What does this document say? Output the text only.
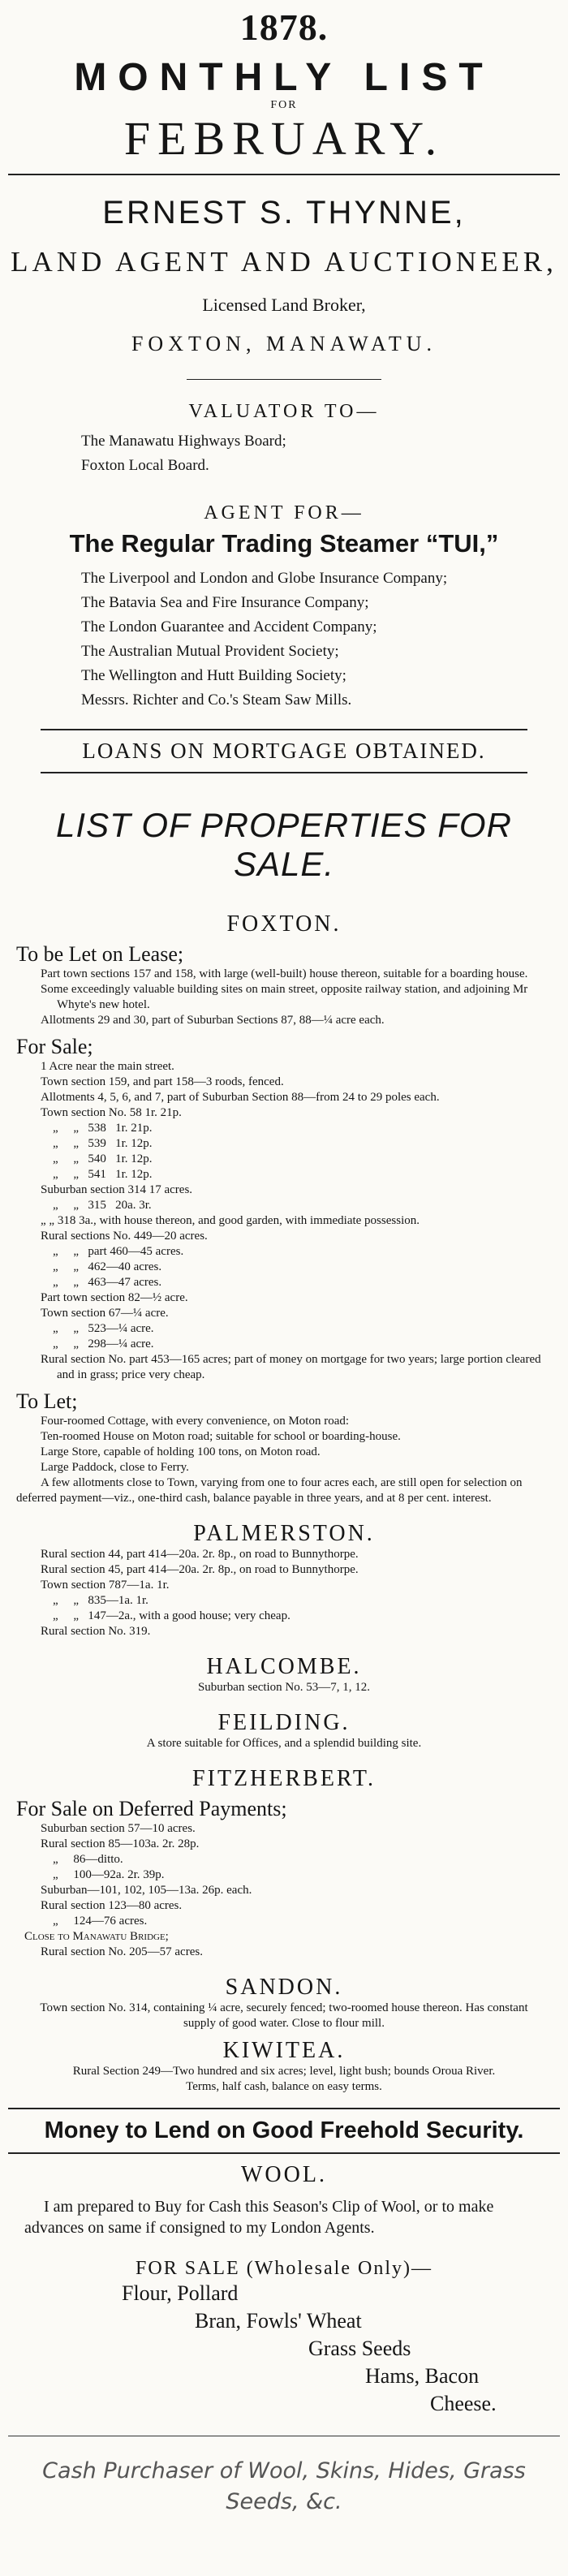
1878.
MONTHLY LIST
FOR
FEBRUARY.
ERNEST S. THYNNE,
LAND AGENT AND AUCTIONEER,
Licensed Land Broker,
FOXTON, MANAWATU.
VALUATOR TO—
The Manawatu Highways Board;
Foxton Local Board.
AGENT FOR—
The Regular Trading Steamer “TUI,”
The Liverpool and London and Globe Insurance Company;
The Batavia Sea and Fire Insurance Company;
The London Guarantee and Accident Company;
The Australian Mutual Provident Society;
The Wellington and Hutt Building Society;
Messrs. Richter and Co.'s Steam Saw Mills.
LOANS ON MORTGAGE OBTAINED.
LIST OF PROPERTIES FOR SALE.
FOXTON.
To be Let on Lease;
Part town sections 157 and 158, with large (well-built) house thereon, suitable for a boarding house.
Some exceedingly valuable building sites on main street, opposite railway station, and adjoining Mr Whyte's new hotel.
Allotments 29 and 30, part of Suburban Sections 87, 88—¼ acre each.
For Sale;
1 Acre near the main street.
Town section 159, and part 158—3 roods, fenced.
Allotments 4, 5, 6, and 7, part of Suburban Section 88—from 24 to 29 poles each.
Town section No. 58 1r. 21p.
„     „   538   1r. 21p.
„     „   539   1r. 12p.
„     „   540   1r. 12p.
„     „   541   1r. 12p.
Suburban section 314 17 acres.
„     „   315   20a. 3r.
„ „ 318 3a., with house thereon, and good garden, with immediate possession.
Rural sections No. 449—20 acres.
„     „   part 460—45 acres.
„     „   462—40 acres.
„     „   463—47 acres.
Part town section 82—½ acre.
Town section 67—¼ acre.
„     „   523—¼ acre.
„     „   298—¼ acre.
Rural section No. part 453—165 acres; part of money on mortgage for two years; large portion cleared and in grass; price very cheap.
To Let;
Four-roomed Cottage, with every convenience, on Moton road:
Ten-roomed House on Moton road; suitable for school or boarding-house.
Large Store, capable of holding 100 tons, on Moton road.
Large Paddock, close to Ferry.
A few allotments close to Town, varying from one to four acres each, are still open for selection on deferred payment—viz., one-third cash, balance payable in three years, and at 8 per cent. interest.
PALMERSTON.
Rural section 44, part 414—20a. 2r. 8p., on road to Bunnythorpe.
Rural section 45, part 414—20a. 2r. 8p., on road to Bunnythorpe.
Town section 787—1a. 1r.
„     „   835—1a. 1r.
„     „   147—2a., with a good house; very cheap.
Rural section No. 319.
HALCOMBE.
Suburban section No. 53—7, 1, 12.
FEILDING.
A store suitable for Offices, and a splendid building site.
FITZHERBERT.
For Sale on Deferred Payments;
Suburban section 57—10 acres.
Rural section 85—103a. 2r. 28p.
„     86—ditto.
„     100—92a. 2r. 39p.
Suburban—101, 102, 105—13a. 26p. each.
Rural section 123—80 acres.
„     124—76 acres.
Close to Manawatu Bridge;
Rural section No. 205—57 acres.
SANDON.
Town section No. 314, containing ¼ acre, securely fenced; two-roomed house thereon. Has constant supply of good water. Close to flour mill.
KIWITEA.
Rural Section 249—Two hundred and six acres; level, light bush; bounds Oroua River. Terms, half cash, balance on easy terms.
Money to Lend on Good Freehold Security.
WOOL.
I am prepared to Buy for Cash this Season's Clip of Wool, or to make advances on same if consigned to my London Agents.
FOR SALE (Wholesale Only)—
Flour, Pollard
Bran, Fowls' Wheat
Grass Seeds
Hams, Bacon
Cheese.
Cash Purchaser of Wool, Skins, Hides, Grass Seeds, &c.
